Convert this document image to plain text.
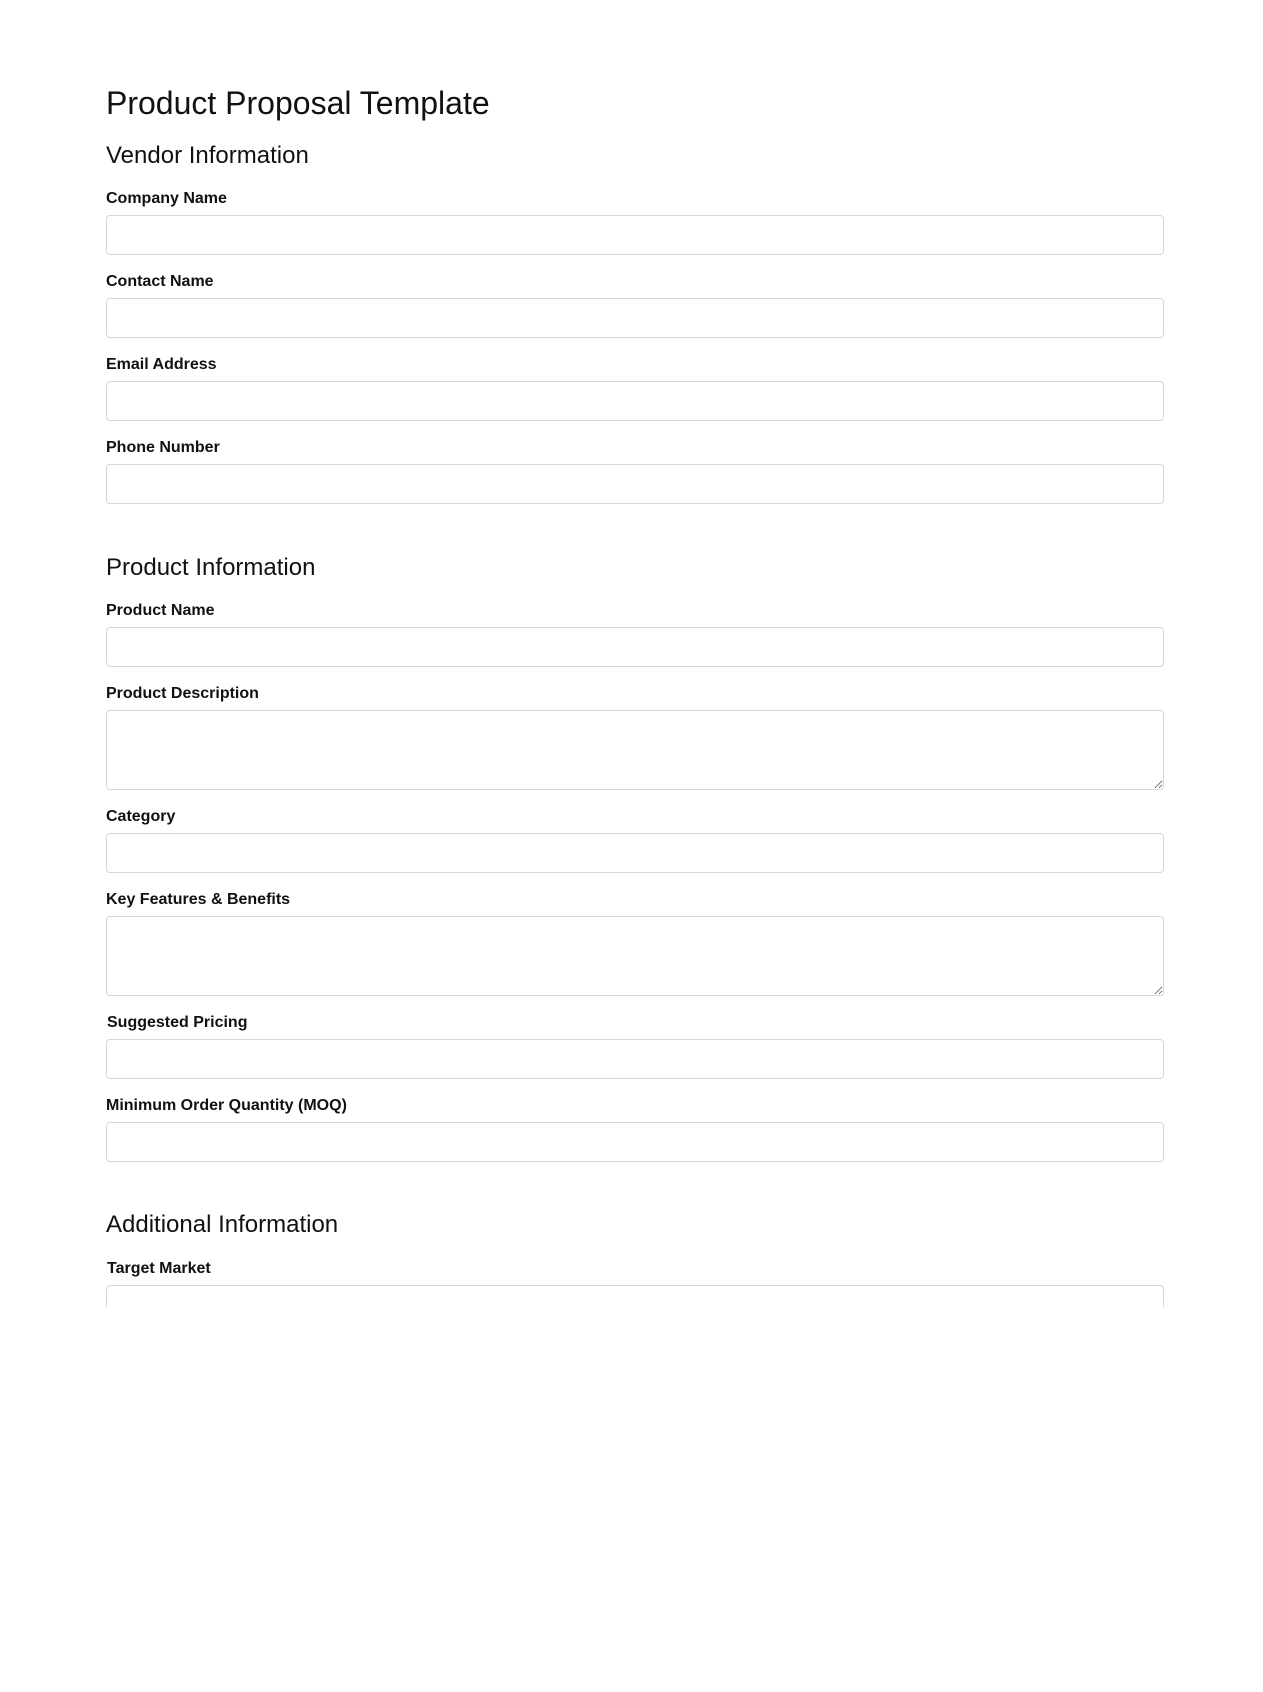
Product Proposal Template
Vendor Information
Company Name
Contact Name
Email Address
Phone Number
Product Information
Product Name
Product Description
Category
Key Features & Benefits
Suggested Pricing
Minimum Order Quantity (MOQ)
Additional Information
Target Market
